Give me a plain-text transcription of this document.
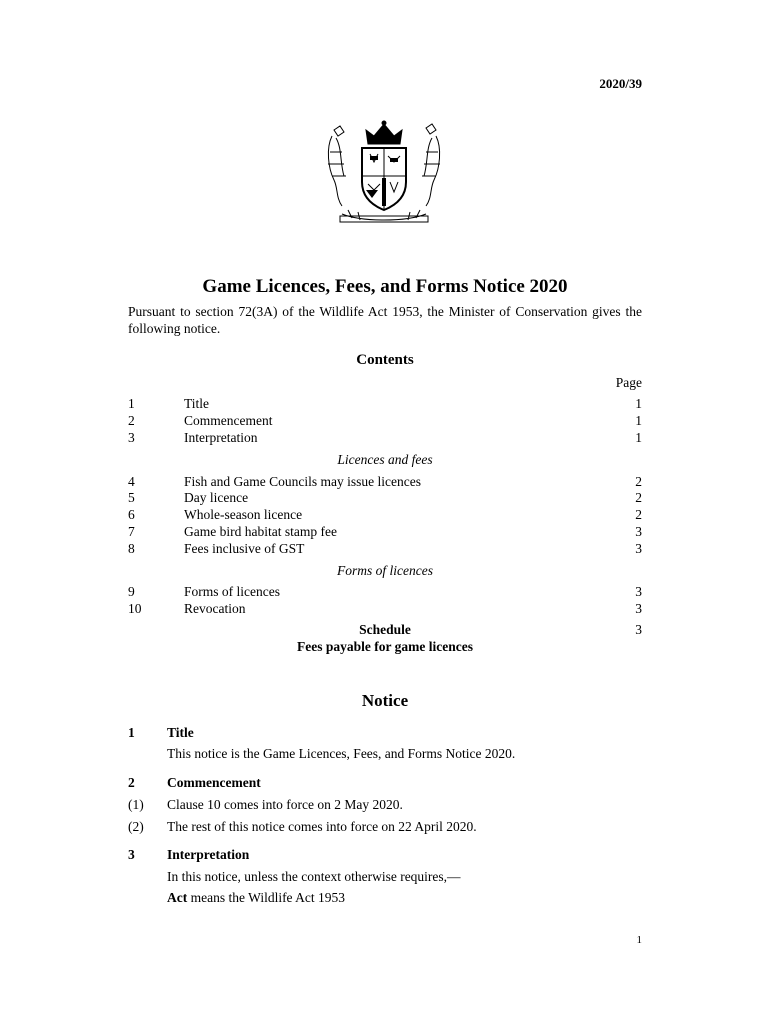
2020/39
Game Licences, Fees, and Forms Notice 2020
Pursuant to section 72(3A) of the Wildlife Act 1953, the Minister of Conservation gives the following notice.
Contents
Page
1	Title	1
2	Commencement	1
3	Interpretation	1
Licences and fees
4	Fish and Game Councils may issue licences	2
5	Day licence	2
6	Whole-season licence	2
7	Game bird habitat stamp fee	3
8	Fees inclusive of GST	3
Forms of licences
9	Forms of licences	3
10	Revocation	3
Schedule	3
Fees payable for game licences
Notice
1 Title
This notice is the Game Licences, Fees, and Forms Notice 2020.
2 Commencement
(1) Clause 10 comes into force on 2 May 2020.
(2) The rest of this notice comes into force on 22 April 2020.
3 Interpretation
In this notice, unless the context otherwise requires,—
Act means the Wildlife Act 1953
1
